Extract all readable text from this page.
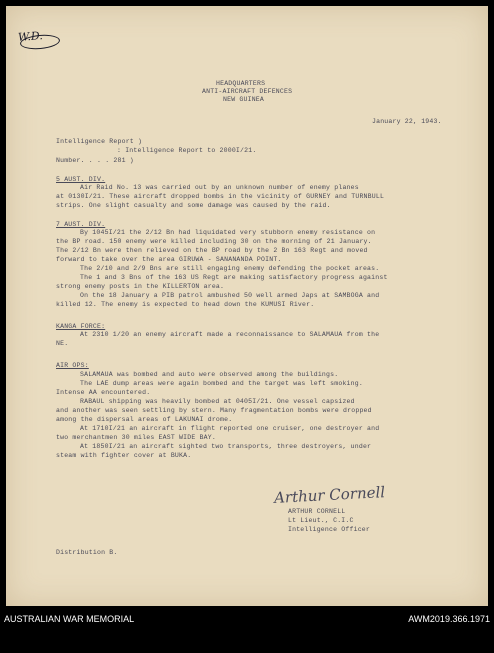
W.D.
HEADQUARTERS
ANTI-AIRCRAFT DEFENCES
NEW GUINEA
January 22, 1943.
Intelligence Report )
: Intelligence Report to 2000I/21.
Number. . . . 281 )
5 AUST. DIV.
Air Raid No. 13 was carried out by an unknown number of enemy planes
at 0130I/21. These aircraft dropped bombs in the vicinity of GURNEY and TURNBULL
strips. One slight casualty and some damage was caused by the raid.
7 AUST. DIV.
By 1045I/21 the 2/12 Bn had liquidated very stubborn enemy resistance on
the BP road. 150 enemy were killed including 30 on the morning of 21 January.
The 2/12 Bn were then relieved on the BP road by the 2 Bn 163 Regt and moved
forward to take over the area GIRUWA - SANANANDA POINT.
The 2/10 and 2/9 Bns are still engaging enemy defending the pocket areas.
The 1 and 3 Bns of the 163 US Regt are making satisfactory progress against
strong enemy posts in the KILLERTON area.
On the 18 January a PIB patrol ambushed 50 well armed Japs at SAMBOGA and
killed 12. The enemy is expected to head down the KUMUSI River.
KANGA FORCE:
At 2310 1/20 an enemy aircraft made a reconnaissance to SALAMAUA from the
NE.
AIR OPS:
SALAMAUA was bombed and auto were observed among the buildings.
The LAE dump areas were again bombed and the target was left smoking.
Intense AA encountered.
RABAUL shipping was heavily bombed at 0405I/21. One vessel capsized
and another was seen settling by stern. Many fragmentation bombs were dropped
among the dispersal areas of LAKUNAI drome.
At 1710I/21 an aircraft in flight reported one cruiser, one destroyer and
two merchantmen 30 miles EAST WIDE BAY.
At 1850I/21 an aircraft sighted two transports, three destroyers, under
steam with fighter cover at BUKA.
Arthur Cornell
ARTHUR CORNELL
Lt Lieut., C.I.C
Intelligence Officer
Distribution B.
AUSTRALIAN WAR MEMORIAL	AWM2019.366.1971
